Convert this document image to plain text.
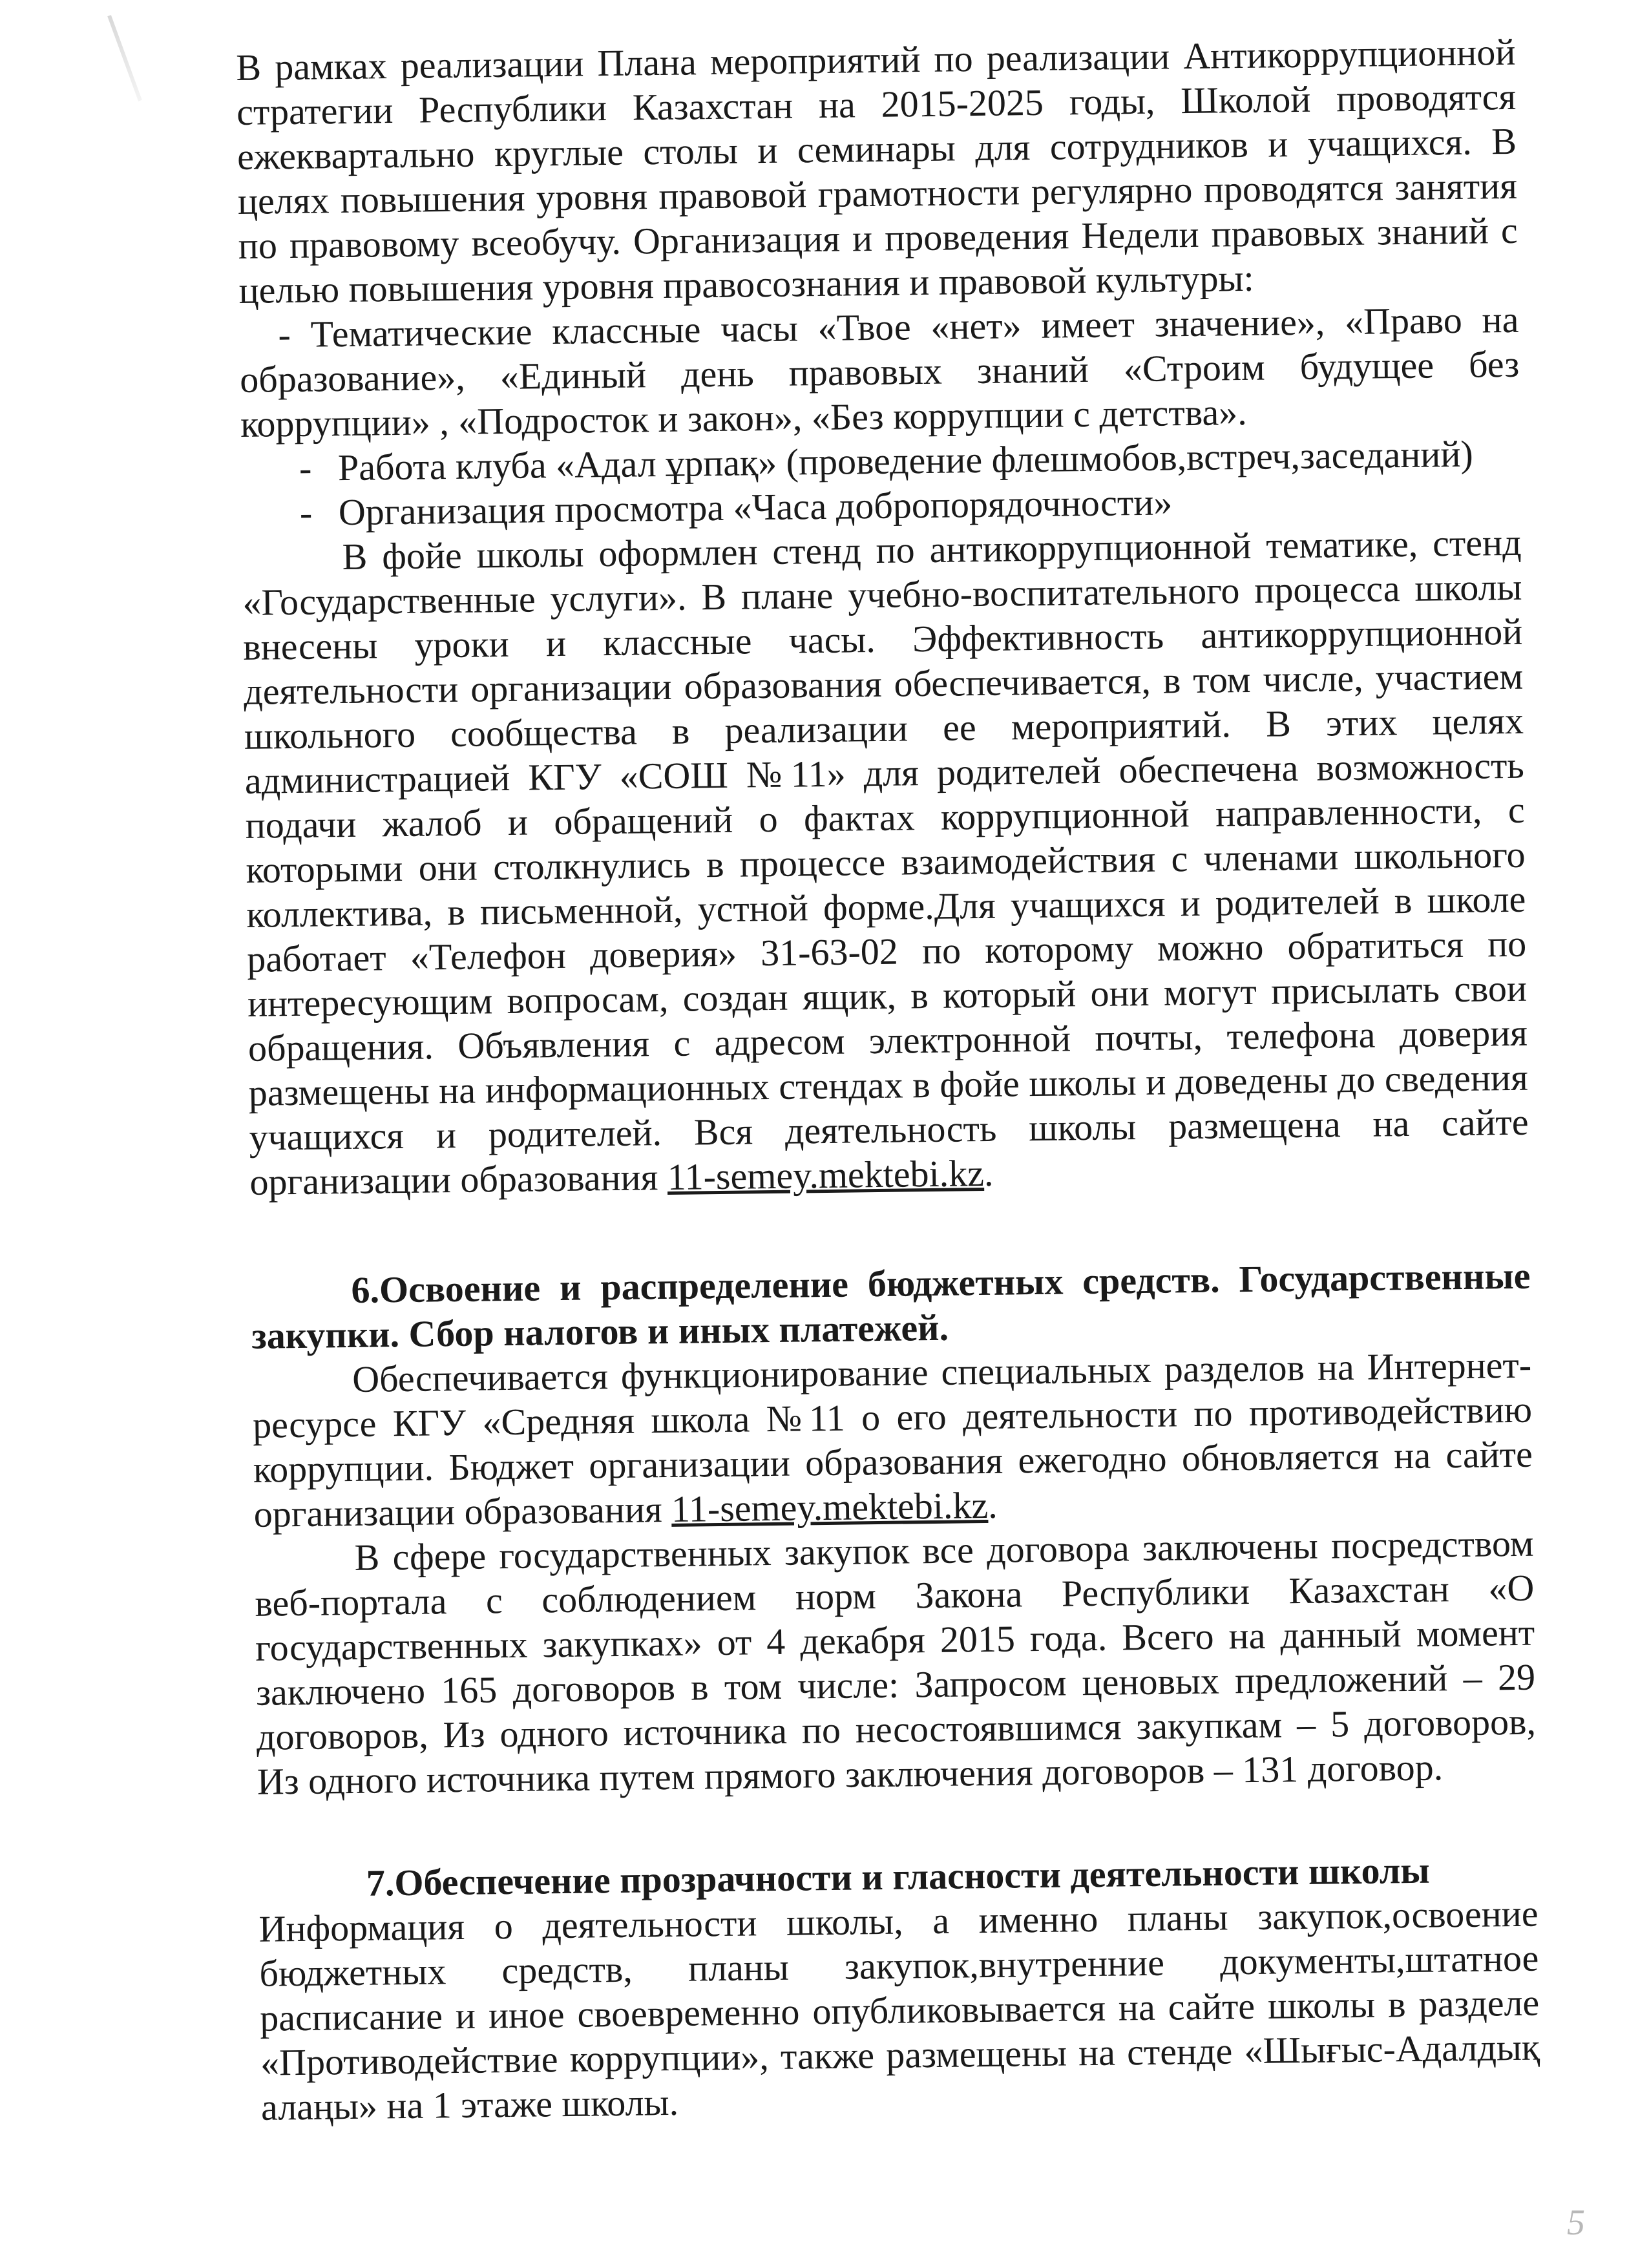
В рамках реализации Плана мероприятий по реализации Антикоррупционной стратегии Республики Казахстан на 2015-2025 годы, Школой проводятся ежеквартально круглые столы и семинары для сотрудников и учащихся. В целях повышения уровня правовой грамотности регулярно проводятся занятия по правовому всеобучу. Организация и проведения Недели правовых знаний с целью повышения уровня правосознания и правовой культуры:

- Тематические классные часы «Твое «нет» имеет значение», «Право на образование», «Единый день правовых знаний «Строим будущее без коррупции» , «Подросток и закон», «Без коррупции с детства».

- Работа клуба «Адал ұрпақ» (проведение флешмобов,встреч,заседаний)

- Организация просмотра «Часа добропорядочности»

В фойе школы оформлен стенд по антикоррупционной тематике, стенд «Государственные услуги». В плане учебно-воспитательного процесса школы внесены уроки и классные часы. Эффективность антикоррупционной деятельности организации образования обеспечивается, в том числе, участием школьного сообщества в реализации ее мероприятий. В этих целях администрацией КГУ «СОШ №11» для родителей обеспечена возможность подачи жалоб и обращений о фактах коррупционной направленности, с которыми они столкнулись в процессе взаимодействия с членами школьного коллектива, в письменной, устной форме.Для учащихся и родителей в школе работает «Телефон доверия» 31-63-02 по которому можно обратиться по интересующим вопросам, создан ящик, в который они могут присылать свои обращения. Объявления с адресом электронной почты, телефона доверия размещены на информационных стендах в фойе школы и доведены до сведения учащихся и родителей. Вся деятельность школы размещена на сайте организации образования 11-semey.mektebi.kz.

6.Освоение и распределение бюджетных средств. Государственные закупки. Сбор налогов и иных платежей.

Обеспечивается функционирование специальных разделов на Интернет-ресурсе КГУ «Средняя школа №11 о его деятельности по противодействию коррупции. Бюджет организации образования ежегодно обновляется на сайте организации образования 11-semey.mektebi.kz.

В сфере государственных закупок все договора заключены посредством веб-портала с соблюдением норм Закона Республики Казахстан «О государственных закупках» от 4 декабря 2015 года. Всего на данный момент заключено 165 договоров в том числе: Запросом ценовых предложений – 29 договоров, Из одного источника по несостоявшимся закупкам – 5 договоров, Из одного источника путем прямого заключения договоров – 131 договор.

7.Обеспечение прозрачности и гласности деятельности школы

Информация о деятельности школы, а именно планы закупок,освоение бюджетных средств, планы закупок,внутренние документы,штатное расписание и иное своевременно опубликовывается на сайте школы в разделе «Противодействие коррупции», также размещены на стенде «Шығыс-Адалдық алаңы» на 1 этаже школы.

5
